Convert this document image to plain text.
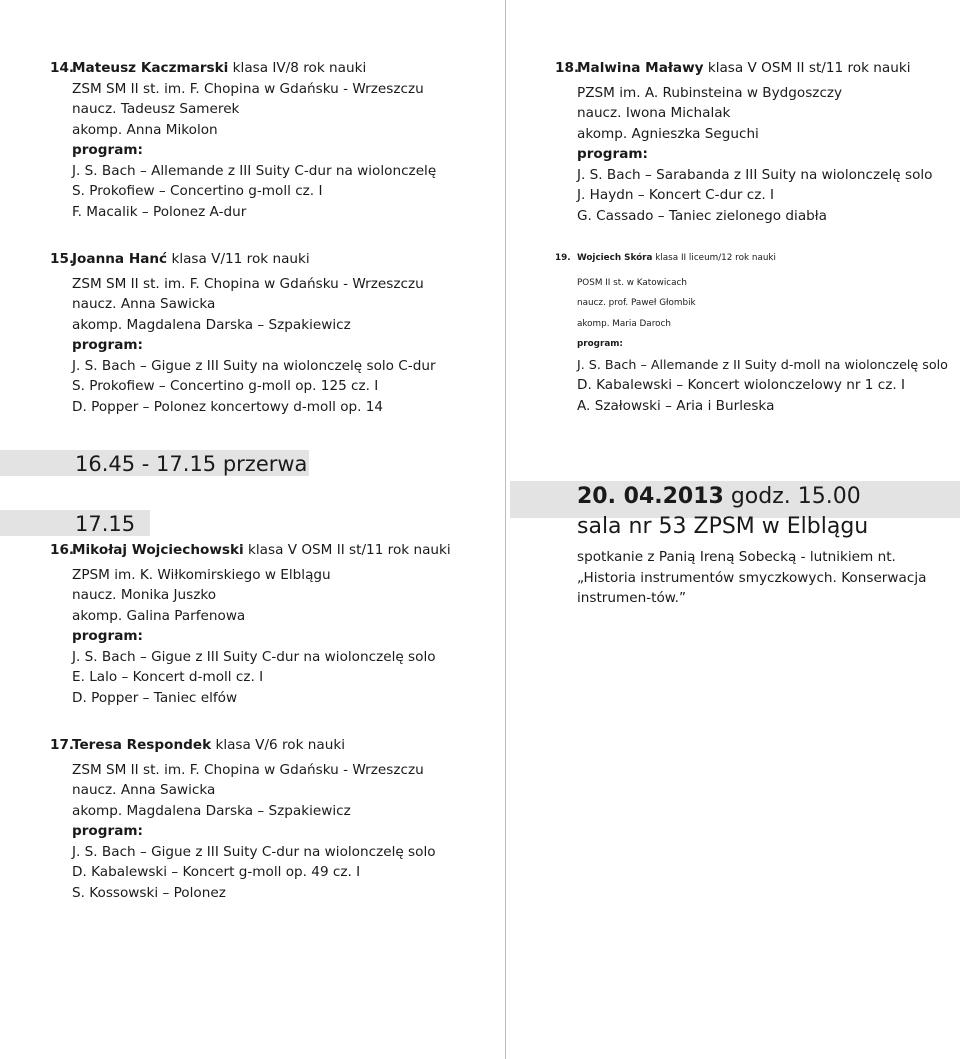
14.Mateusz Kaczmarski klasa IV/8 rok nauki
ZSM SM II st. im. F. Chopina w Gdańsku - Wrzeszczu
naucz. Tadeusz Samerek
akomp. Anna Mikolon
program:
J. S. Bach – Allemande z III Suity C-dur na wiolonczelę
S. Prokofiew – Concertino g-moll cz. I
F. Macalik – Polonez A-dur
15.Joanna Hanć klasa V/11 rok nauki
ZSM SM II st. im. F. Chopina w Gdańsku - Wrzeszczu
naucz. Anna Sawicka
akomp. Magdalena Darska – Szpakiewicz
program:
J. S. Bach – Gigue z III Suity na wiolonczelę solo C-dur
S. Prokofiew – Concertino g-moll op. 125 cz. I
D. Popper – Polonez koncertowy d-moll op. 14
16.45 - 17.15 przerwa
17.15
16.Mikołaj Wojciechowski klasa V OSM II st/11 rok nauki
ZPSM im. K. Wiłkomirskiego w Elblągu
naucz. Monika Juszko
akomp. Galina Parfenowa
program:
J. S. Bach – Gigue z III Suity C-dur na wiolonczelę solo
E. Lalo – Koncert d-moll cz. I
D. Popper – Taniec elfów
17.Teresa Respondek klasa V/6 rok nauki
ZSM SM II st. im. F. Chopina w Gdańsku - Wrzeszczu
naucz. Anna Sawicka
akomp. Magdalena Darska – Szpakiewicz
program:
J. S. Bach – Gigue z III Suity C-dur na wiolonczelę solo
D. Kabalewski – Koncert g-moll op. 49 cz. I
S. Kossowski – Polonez
18.Malwina Maławy klasa V OSM II st/11 rok nauki
PZSM im. A. Rubinsteina w Bydgoszczy
naucz. Iwona Michalak
akomp. Agnieszka Seguchi
program:
J. S. Bach – Sarabanda z III Suity na wiolonczelę solo
J. Haydn – Koncert C-dur cz. I
G. Cassado – Taniec zielonego diabła
19. Wojciech Skóra klasa II liceum/12 rok nauki
POSM II st. w Katowicach
naucz. prof. Paweł Głombik
akomp. Maria Daroch
program:
J. S. Bach – Allemande z II Suity d-moll na wiolonczelę solo
D. Kabalewski – Koncert wiolonczelowy nr 1 cz. I
A. Szałowski – Aria i Burleska
20. 04.2013 godz. 15.00
sala nr 53 ZPSM w Elblągu
spotkanie z Panią Ireną Sobecką - lutnikiem nt. „Historia instrumentów smyczkowych. Konserwacja instrumen-tów.”
